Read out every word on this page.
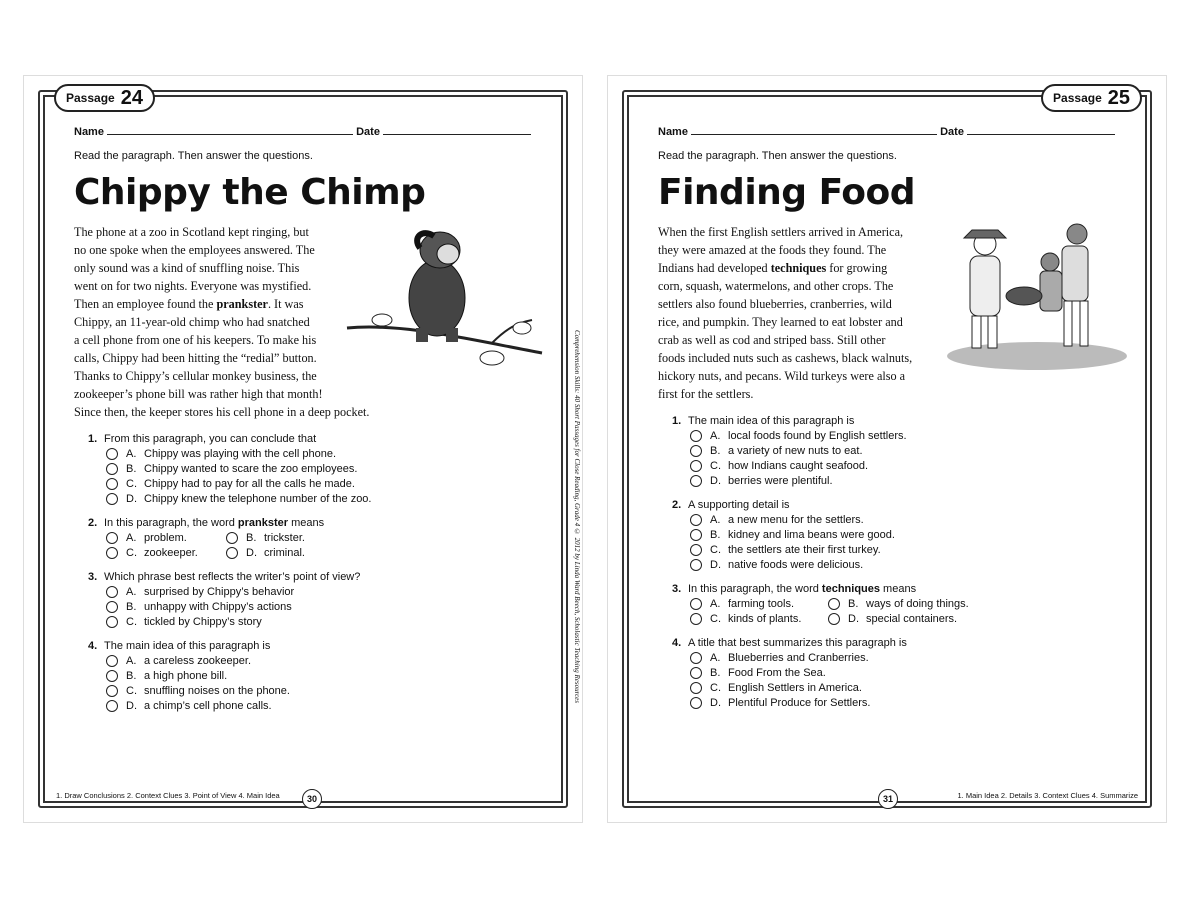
Passage 24
Name	Date
Read the paragraph. Then answer the questions.
Chippy the Chimp
The phone at a zoo in Scotland kept ringing, but
no one spoke when the employees answered. The
only sound was a kind of snuffling noise. This
went on for two nights. Everyone was mystified.
Then an employee found the prankster. It was
Chippy, an 11-year-old chimp who had snatched
a cell phone from one of his keepers. To make his
calls, Chippy had been hitting the “redial” button.
Thanks to Chippy’s cellular monkey business, the
zookeeper’s phone bill was rather high that month!
Since then, the keeper stores his cell phone in a deep pocket.
1. From this paragraph, you can conclude that
A. Chippy was playing with the cell phone.
B. Chippy wanted to scare the zoo employees.
C. Chippy had to pay for all the calls he made.
D. Chippy knew the telephone number of the zoo.
2. In this paragraph, the word prankster means
A. problem.	B. trickster.
C. zookeeper.	D. criminal.
3. Which phrase best reflects the writer’s point of view?
A. surprised by Chippy’s behavior
B. unhappy with Chippy’s actions
C. tickled by Chippy’s story
4. The main idea of this paragraph is
A. a careless zookeeper.
B. a high phone bill.
C. snuffling noises on the phone.
D. a chimp’s cell phone calls.
1. Draw Conclusions 2. Context Clues 3. Point of View 4. Main Idea	30
Comprehension Skills: 40 Short Passages for Close Reading, Grade 4 © 2012 by Linda Ward Beech, Scholastic Teaching Resources
Passage 25
Name	Date
Read the paragraph. Then answer the questions.
Finding Food
When the first English settlers arrived in America,
they were amazed at the foods they found. The
Indians had developed techniques for growing
corn, squash, watermelons, and other crops. The
settlers also found blueberries, cranberries, wild
rice, and pumpkin. They learned to eat lobster and
crab as well as cod and striped bass. Still other
foods included nuts such as cashews, black walnuts,
hickory nuts, and pecans. Wild turkeys were also a
first for the settlers.
1. The main idea of this paragraph is
A. local foods found by English settlers.
B. a variety of new nuts to eat.
C. how Indians caught seafood.
D. berries were plentiful.
2. A supporting detail is
A. a new menu for the settlers.
B. kidney and lima beans were good.
C. the settlers ate their first turkey.
D. native foods were delicious.
3. In this paragraph, the word techniques means
A. farming tools.	B. ways of doing things.
C. kinds of plants.	D. special containers.
4. A title that best summarizes this paragraph is
A. Blueberries and Cranberries.
B. Food From the Sea.
C. English Settlers in America.
D. Plentiful Produce for Settlers.
1. Main Idea 2. Details 3. Context Clues 4. Summarize
31
